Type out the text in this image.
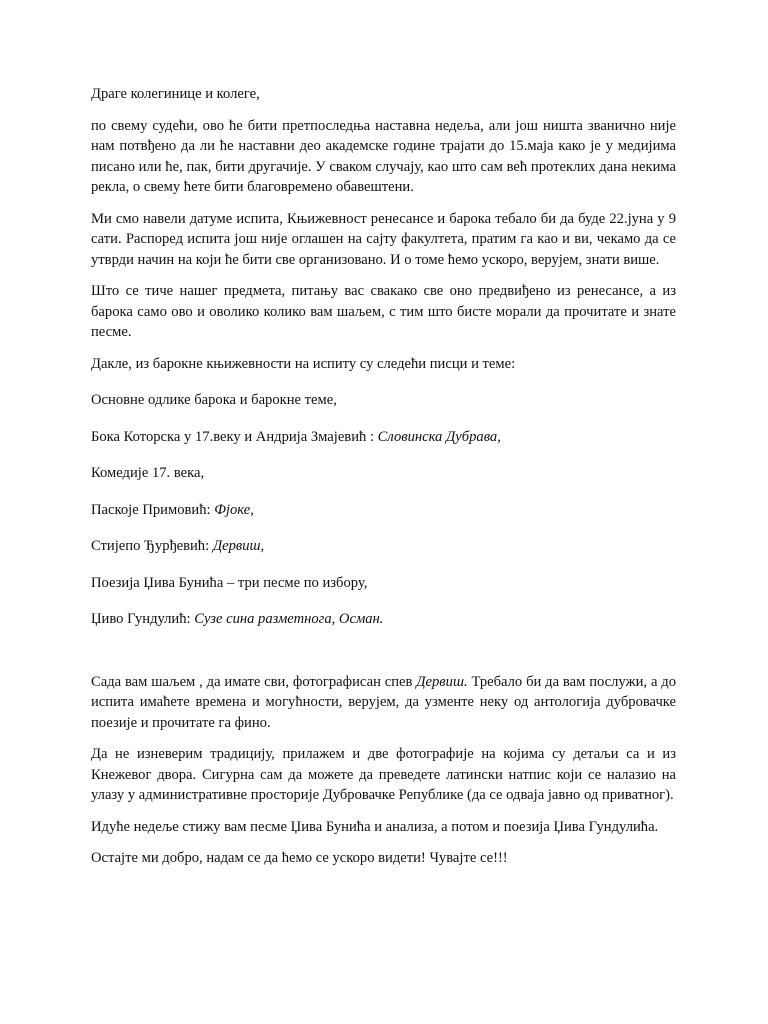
Драге колегинице и колеге,

по свему судећи, ово ће бити претпоследња наставна недеља, али још ништа званично није нам потвђено да ли ће наставни део академске године трајати до 15.маја како је у медијима писано или ће, пак, бити другачије. У сваком случају, као што сам већ протеклих дана некима рекла, о свему ћете бити благовремено обавештени.

Ми смо навели датуме испита, Књижевност ренесансе и барока тебало би да буде 22.јуна у 9 сати. Распоред испита још није оглашен на сајту факултета, пратим га као и ви, чекамо да се утврди начин на који ће бити све организовано. И о томе ћемо ускоро, верујем, знати више.

Што се тиче нашег предмета, питању вас свакако све оно предвиђено из ренесансе, а из барока само ово и оволико колико вам шаљем, с тим што бисте морали да прочитате и знате песме.

Дакле, из барокне књижевности на испиту су следећи писци и теме:

Основне одлике барока и барокне теме,

Бока Которска у 17.веку и Андрија Змајевић : Словинска Дубрава,

Комедије 17. века,

Паскоје Примовић: Фјоке,

Стијепо Ђурђевић: Дервиш,

Поезија Џива Бунића – три песме по избору,

Џиво Гундулић: Сузе сина разметнога, Осман.

Сада вам шаљем , да имате сви, фотографисан спев Дервиш. Требало би да вам послужи, а до испита имаћете времена и могућности, верујем, да узменте неку од антологија дубровачке поезије и прочитате га фино.

Да не изневерим традицију, прилажем и две фотографије на којима су детаљи са и из Кнежевог двора. Сигурна сам да можете да преведете латински натпис који се налазио на улазу у административне просторије Дубровачке Републике (да се одваја јавно од приватног).

Идуће недеље стижу вам песме Џива Бунића и анализа, а потом и поезија Џива Гундулића.

Остајте ми добро, надам се да ћемо се ускоро видети! Чувајте се!!!
